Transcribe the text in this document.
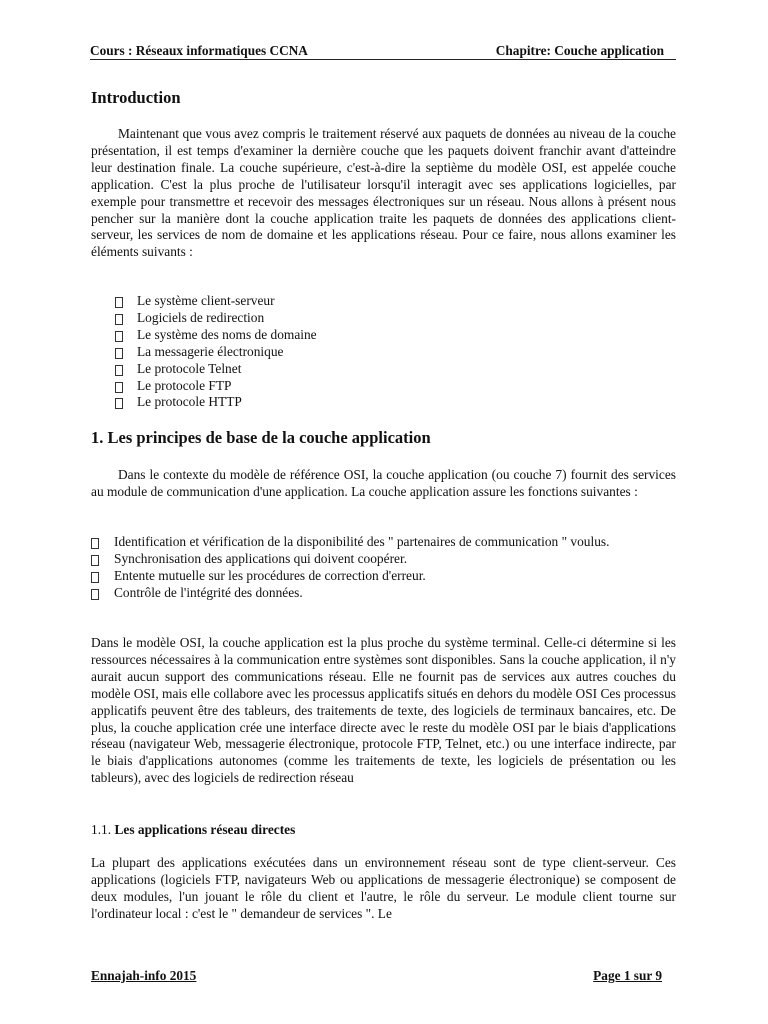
Cours : Réseaux informatiques CCNA	Chapitre: Couche application
Introduction

Maintenant que vous avez compris le traitement réservé aux paquets de données au niveau de la couche présentation, il est temps d'examiner la dernière couche que les paquets doivent franchir avant d'atteindre leur destination finale. La couche supérieure, c'est-à-dire la septième du modèle OSI, est appelée couche application. C'est la plus proche de l'utilisateur lorsqu'il interagit avec ses applications logicielles, par exemple pour transmettre et recevoir des messages électroniques sur un réseau. Nous allons à présent nous pencher sur la manière dont la couche application traite les paquets de données des applications client-serveur, les services de nom de domaine et les applications réseau. Pour ce faire, nous allons examiner les éléments suivants :

Le système client-serveur
Logiciels de redirection
Le système des noms de domaine
La messagerie électronique
Le protocole Telnet
Le protocole FTP
Le protocole HTTP
1. Les principes de base de la couche application

Dans le contexte du modèle de référence OSI, la couche application (ou couche 7) fournit des services au module de communication d'une application. La couche application assure les fonctions suivantes :

Identification et vérification de la disponibilité des " partenaires de communication " voulus.
Synchronisation des applications qui doivent coopérer.
Entente mutuelle sur les procédures de correction d'erreur.
Contrôle de l'intégrité des données.

Dans le modèle OSI, la couche application est la plus proche du système terminal. Celle-ci détermine si les ressources nécessaires à la communication entre systèmes sont disponibles. Sans la couche application, il n'y aurait aucun support des communications réseau. Elle ne fournit pas de services aux autres couches du modèle OSI, mais elle collabore avec les processus applicatifs situés en dehors du modèle OSI Ces processus applicatifs peuvent être des tableurs, des traitements de texte, des logiciels de terminaux bancaires, etc. De plus, la couche application crée une interface directe avec le reste du modèle OSI par le biais d'applications réseau (navigateur Web, messagerie électronique, protocole FTP, Telnet, etc.) ou une interface indirecte, par le biais d'applications autonomes (comme les traitements de texte, les logiciels de présentation ou les tableurs), avec des logiciels de redirection réseau

1.1. Les applications réseau directes

La plupart des applications exécutées dans un environnement réseau sont de type client-serveur. Ces applications (logiciels FTP, navigateurs Web ou applications de messagerie électronique) se composent de deux modules, l'un jouant le rôle du client et l'autre, le rôle du serveur. Le module client tourne sur l'ordinateur local : c'est le " demandeur de services ". Le

Ennajah-info 2015	Page 1 sur 9
